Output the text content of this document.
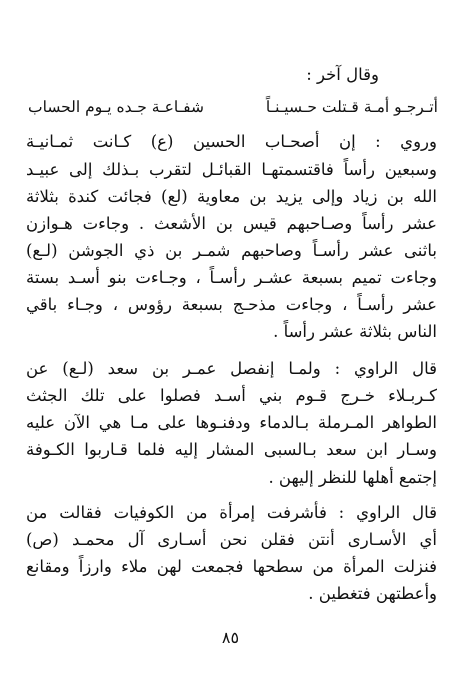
وقال آخر :
أتـرجـو أمـة قـتلت حـسيـنـاً
شفـاعـة جـده يـوم الحساب
وروي : إن أصحـاب الحسين (ع) كـانت ثمـانيـة
وسبعين رأساً فاقتسمتهـا القبائـل لتقرب بـذلك إلى عبيـد
الله بن زياد وإلى يزيد بن معاوية (لع) فجائت كندة بثلاثة
عشر رأساً وصـاحبهم قيس بن الأشعث . وجاءت هـوازن
باثنى عشر رأسـاً وصاحبهم شمـر بن ذي الجوشن (لـع)
وجاءت تميم بسبعة عشـر رأسـاً ، وجـاءت بنو أسـد بستة
عشر رأسـاً ، وجاءت مذحـج بسبعة رؤوس ، وجـاء باقي
الناس بثلاثة عشر رأساً .
قال الراوي : ولمـا إنفصل عمـر بن سعد (لـع) عن
كـربـلاء خـرج قـوم بني أسـد فصلوا على تلك الجثث
الطواهر المـرملة بـالدماء ودفنـوها على مـا هي الآن عليه
وسـار ابن سعد بـالسبى المشار إليه فلما قـاربوا الكـوفة
إجتمع أهلها للنظر إليهن .
قال الراوي : فأشرفت إمرأة من الكوفيات فقالت من
أي الأسـارى أنتن فقلن نحن أسـارى آل محمـد (ص)
فنزلت المرأة من سطحها فجمعت لهن ملاء وارزاً ومقانع
وأعطتهن فتغطين .
٨٥
